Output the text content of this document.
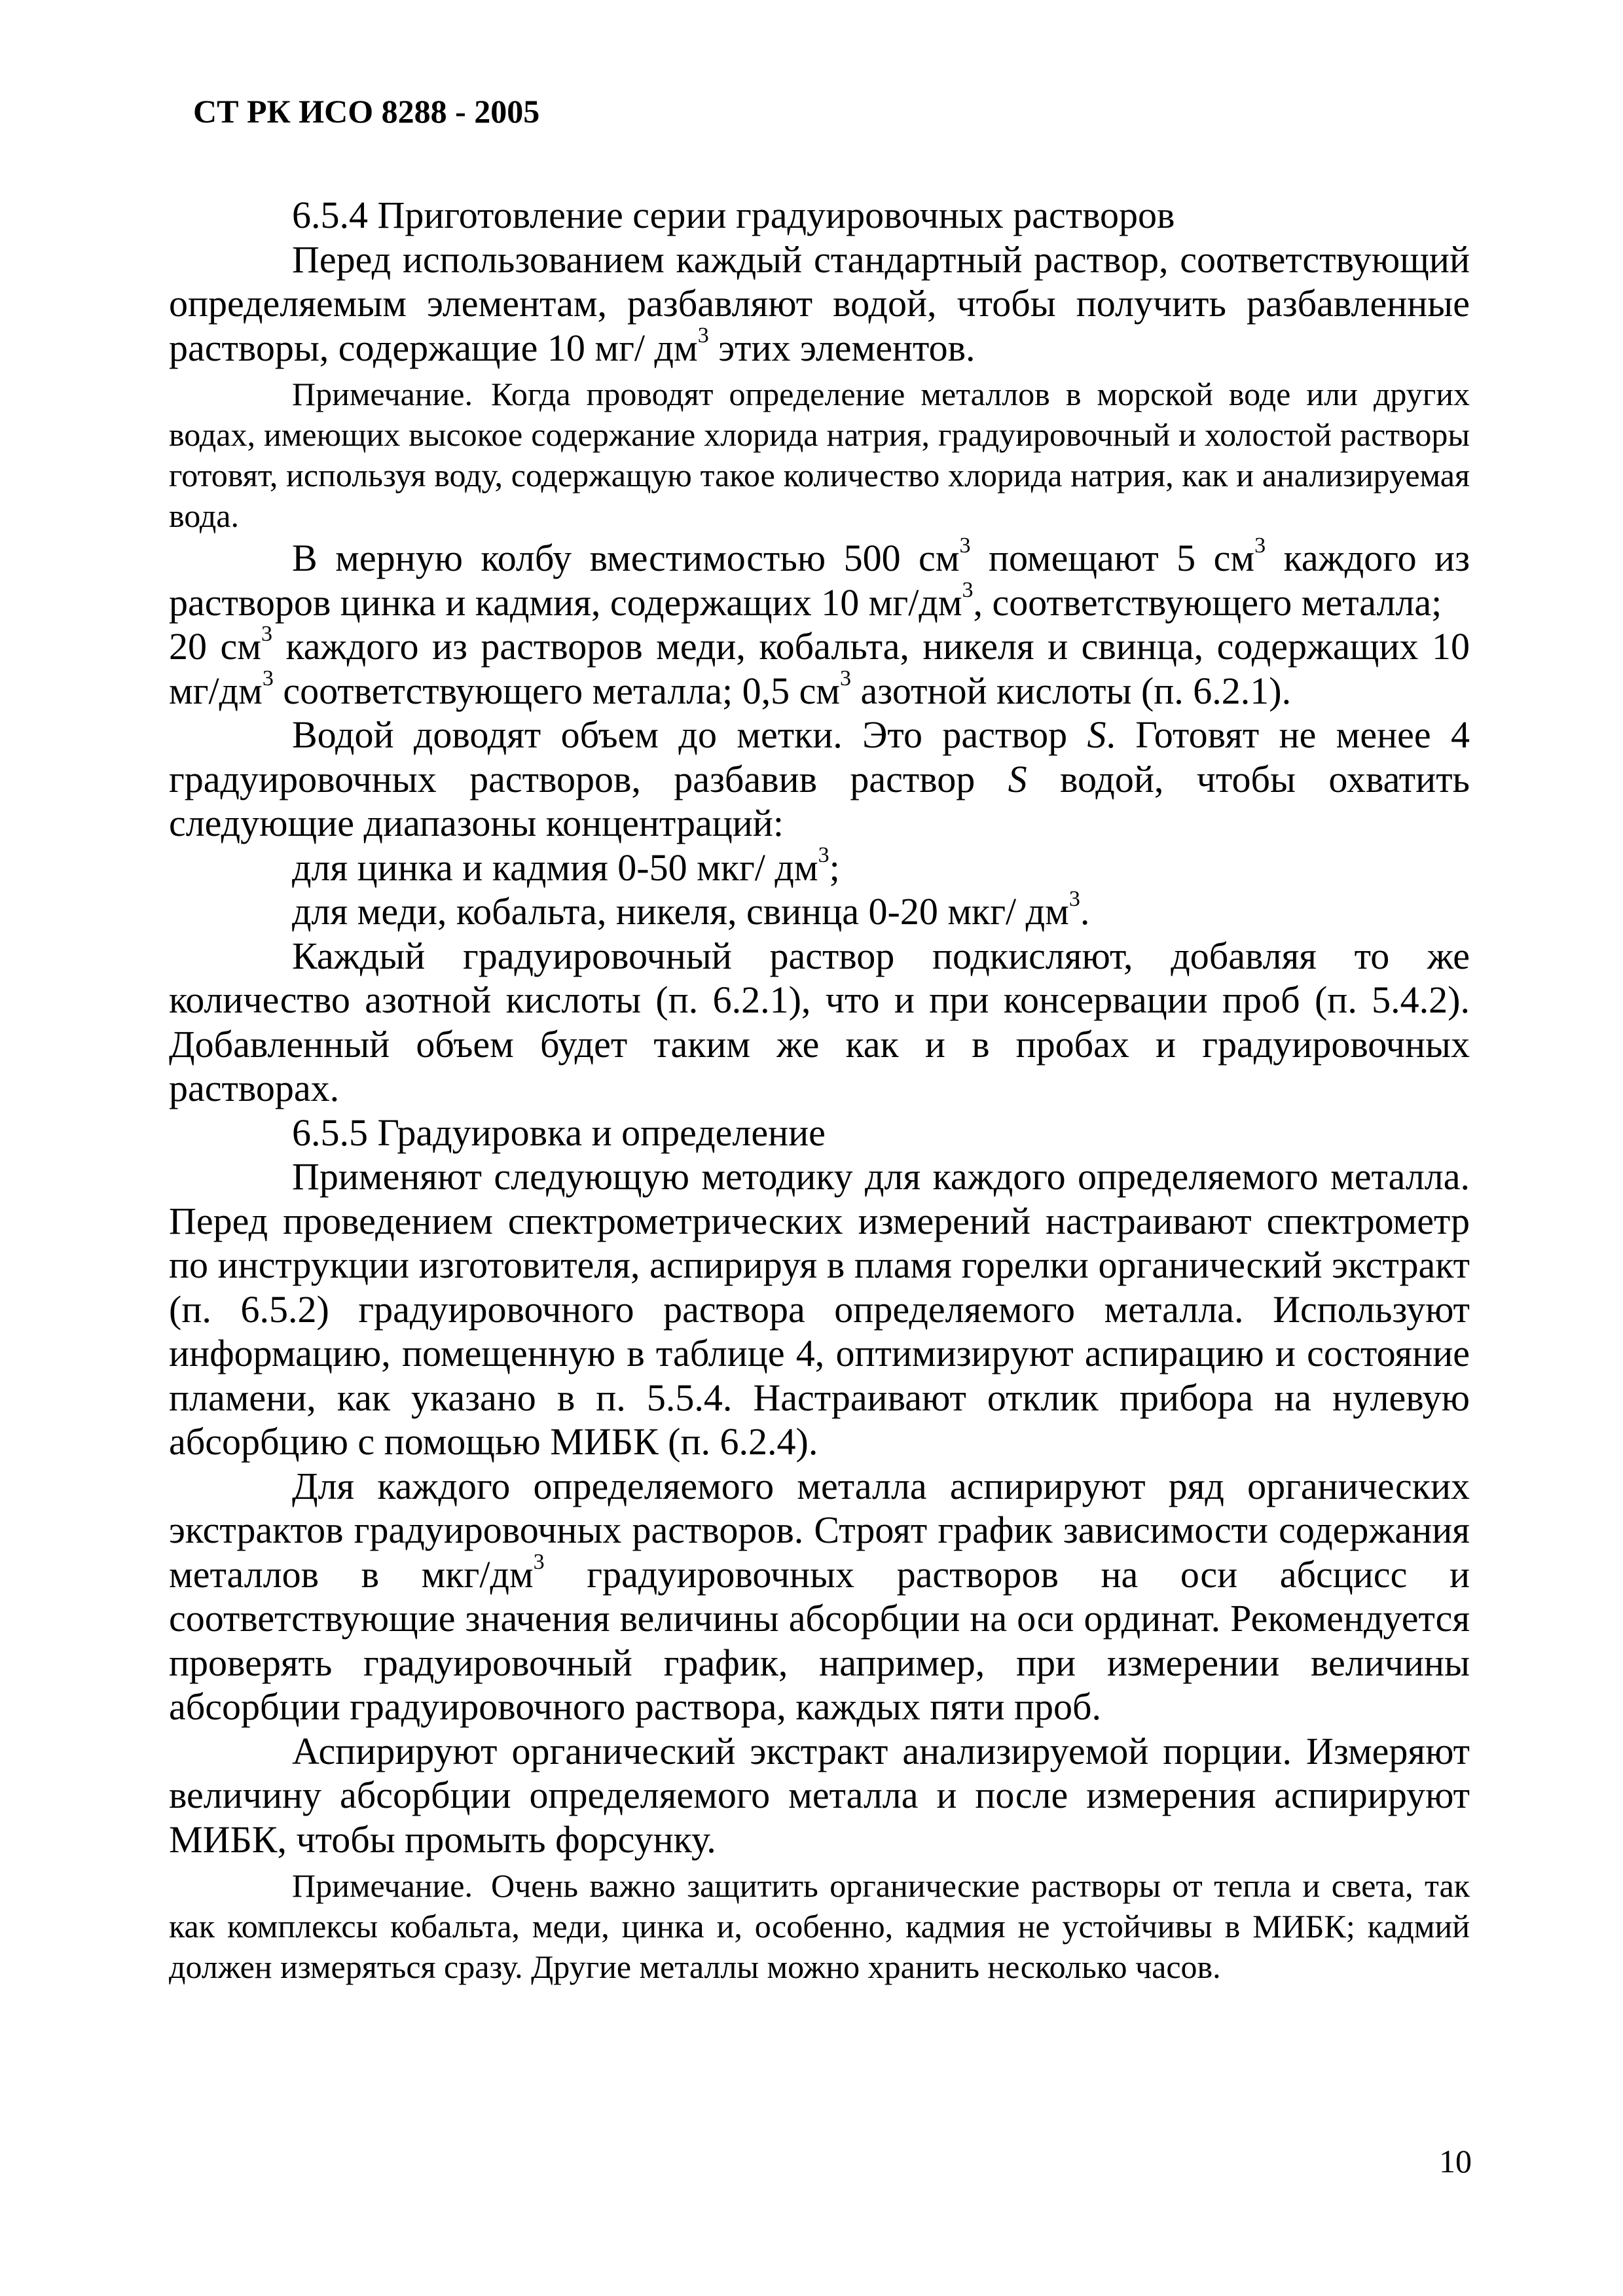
СТ РК ИСО 8288 - 2005

6.5.4 Приготовление серии градуировочных растворов

Перед использованием каждый стандартный раствор, соответствующий определяемым элементам, разбавляют водой, чтобы получить разбавленные растворы, содержащие 10 мг/ $дм^3$ этих элементов.

Примечание. Когда проводят определение металлов в морской воде или других водах, имеющих высокое содержание хлорида натрия, градуировочный и холостой растворы готовят, используя воду, содержащую такое количество хлорида натрия, как и анализируемая вода.

В мерную колбу вместимостью 500 $см^3$ помещают 5 $см^3$ каждого из растворов цинка и кадмия, содержащих 10 $мг/дм^3$, соответствующего металла;

20 $см^3$ каждого из растворов меди, кобальта, никеля и свинца, содержащих 10 $мг/дм^3$ соответствующего металла; 0,5 $см^3$ азотной кислоты (п. 6.2.1).

Водой доводят объем до метки. Это раствор S. Готовят не менее 4 градуировочных растворов, разбавив раствор S водой, чтобы охватить следующие диапазоны концентраций:

для цинка и кадмия 0-50 мкг/ $дм^3$;

для меди, кобальта, никеля, свинца 0-20 мкг/ $дм^3$.

Каждый градуировочный раствор подкисляют, добавляя то же количество азотной кислоты (п. 6.2.1), что и при консервации проб (п. 5.4.2). Добавленный объем будет таким же как и в пробах и градуировочных растворах.

6.5.5 Градуировка и определение

Применяют следующую методику для каждого определяемого металла. Перед проведением спектрометрических измерений настраивают спектрометр по инструкции изготовителя, аспирируя в пламя горелки органический экстракт (п. 6.5.2) градуировочного раствора определяемого металла. Используют информацию, помещенную в таблице 4, оптимизируют аспирацию и состояние пламени, как указано в п. 5.5.4. Настраивают отклик прибора на нулевую абсорбцию с помощью МИБК (п. 6.2.4).

Для каждого определяемого металла аспирируют ряд органических экстрактов градуировочных растворов. Строят график зависимости содержания металлов в мкг/$дм^3$ градуировочных растворов на оси абсцисс и соответствующие значения величины абсорбции на оси ординат. Рекомендуется проверять градуировочный график, например, при измерении величины абсорбции градуировочного раствора, каждых пяти проб.

Аспирируют органический экстракт анализируемой порции. Измеряют величину абсорбции определяемого металла и после измерения аспирируют МИБК, чтобы промыть форсунку.

Примечание. Очень важно защитить органические растворы от тепла и света, так как комплексы кобальта, меди, цинка и, особенно, кадмия не устойчивы в МИБК; кадмий должен измеряться сразу. Другие металлы можно хранить несколько часов.

10
